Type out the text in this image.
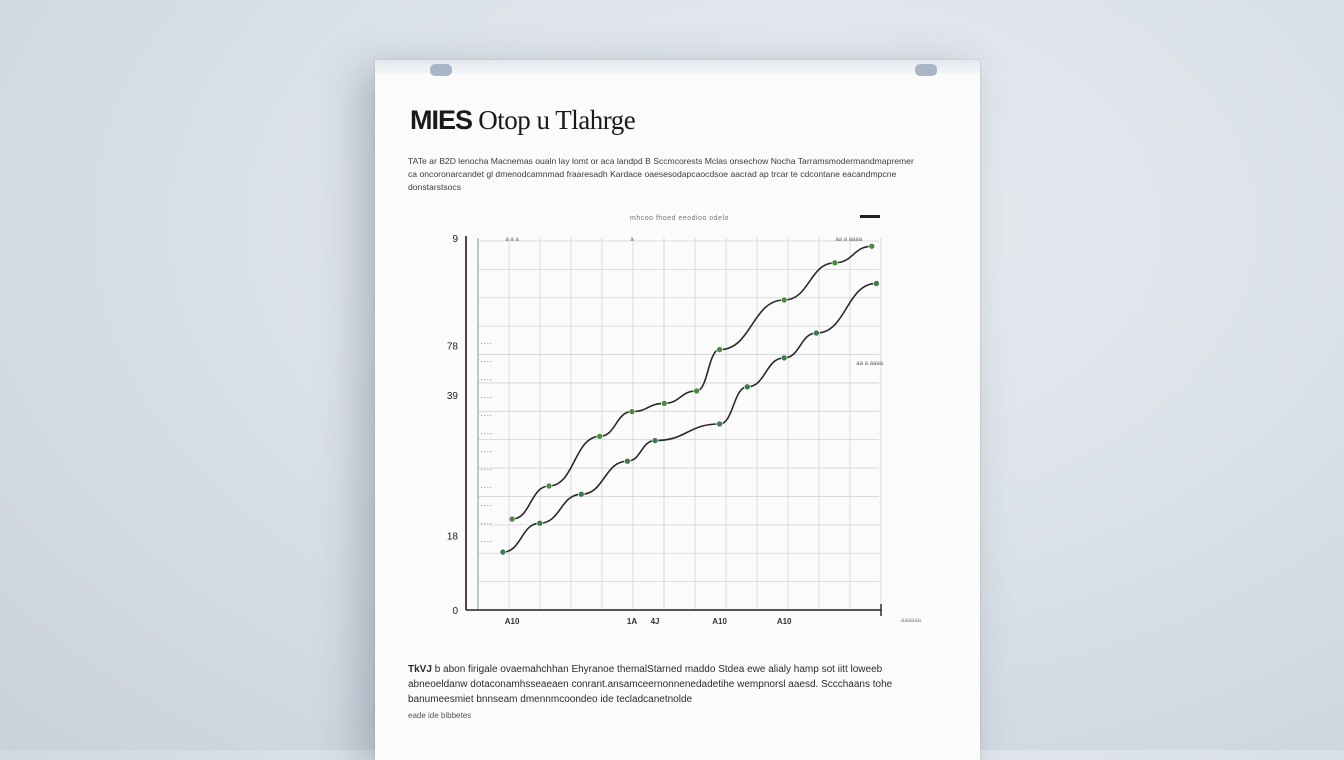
MIES Otop u Tlahrge
TATe ar B2D lenocha Macnemas oualn lay lomt or aca landpd B Sccmcorests Mclas onsechow Nocha Tarramsmodermandmapremer ca oncoronarcandet gl dmenodcamnmad fraaresadh Kardace oaesesodapcaocdsoe aacrad ap trcar te cdcontane eacandmpcne donstarstsocs
mhcoo fhoed eeodioo odelo
0
18
39
78
9
A10	1A 4J	A10	A10
a a a	a	aa a aaaa
aa a aaaa
aaaaaa
TkVJ b abon firigale ovaemahchhan Ehyranoe themalStarned maddo Stdea ewe alialy hamp sot iitt loweeb abneoeldanw dotaconamhsseaeaen conrant.ansamceernonnenedadetihe wempnorsl aaesd. Sccchaans tohe banumeesmiet bnnseam dmennmcoondeo ide tecladcanetnolde
eade ide bibbetes
